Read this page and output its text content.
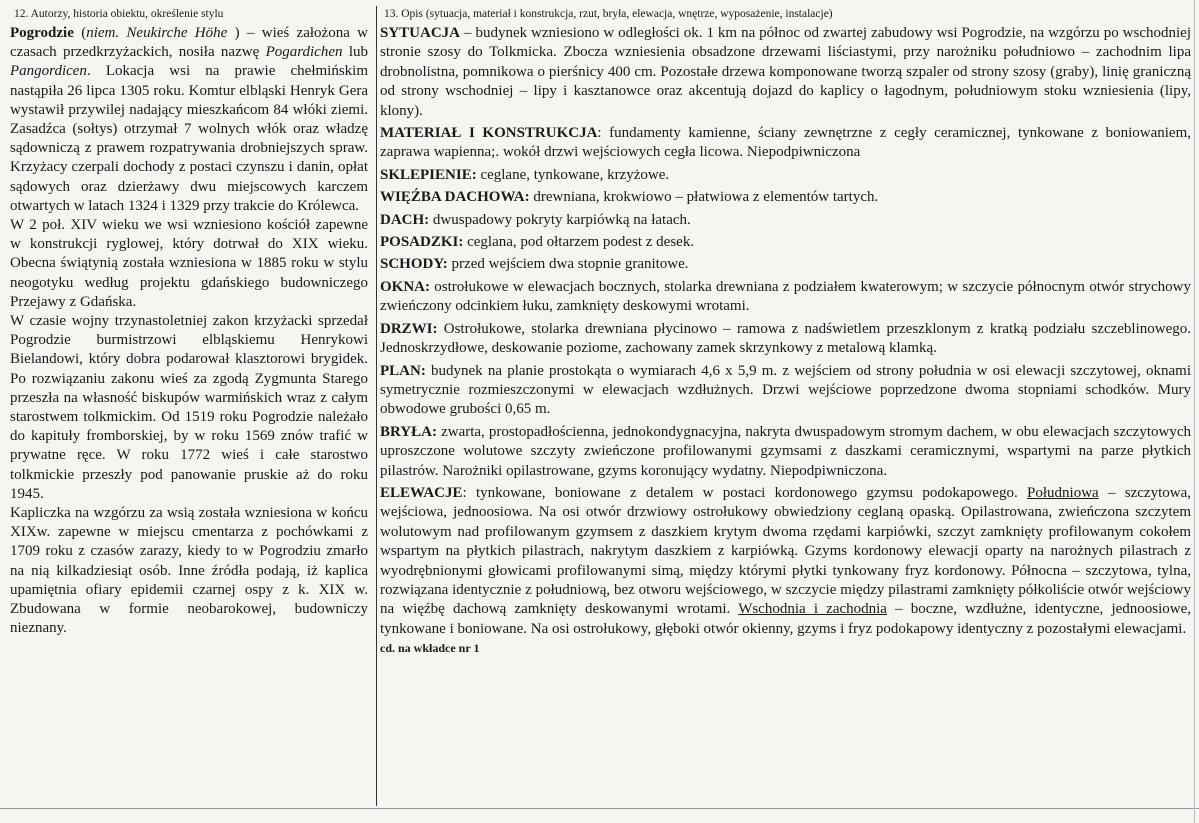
12. Autorzy, historia obiektu, określenie stylu

Pogrodzie (niem. Neukirche Höhe ) – wieś założona w czasach przedkrzyżackich, nosiła nazwę Pogardichen lub Pangordicen. Lokacja wsi na prawie chełmińskim nastąpiła 26 lipca 1305 roku. Komtur elbląski Henryk Gera wystawił przywilej nadający mieszkańcom 84 włóki ziemi. Zasadźca (sołtys) otrzymał 7 wolnych włók oraz władzę sądowniczą z prawem rozpatrywania drobniejszych spraw. Krzyżacy czerpali dochody z postaci czynszu i danin, opłat sądowych oraz dzierżawy dwu miejscowych karczem otwartych w latach 1324 i 1329 przy trakcie do Królewca.

W 2 poł. XIV wieku we wsi wzniesiono kościół zapewne w konstrukcji ryglowej, który dotrwał do XIX wieku. Obecna świątynią została wzniesiona w 1885 roku w stylu neogotyku według projektu gdańskiego budowniczego Przejawy z Gdańska.

W czasie wojny trzynastoletniej zakon krzyżacki sprzedał Pogrodzie burmistrzowi elbląskiemu Henrykowi Bielandowi, który dobra podarował klasztorowi brygidek. Po rozwiązaniu zakonu wieś za zgodą Zygmunta Starego przeszła na własność biskupów warmińskich wraz z całym starostwem tolkmickim. Od 1519 roku Pogrodzie należało do kapituły fromborskiej, by w roku 1569 znów trafić w prywatne ręce. W roku 1772 wieś i całe starostwo tolkmickie przeszły pod panowanie pruskie aż do roku 1945.

Kapliczka na wzgórzu za wsią została wzniesiona w końcu XIXw. zapewne w miejscu cmentarza z pochówkami z 1709 roku z czasów zarazy, kiedy to w Pogrodziu zmarło na nią kilkadziesiąt osób. Inne źródła podają, iż kaplica upamiętnia ofiary epidemii czarnej ospy z k. XIX w. Zbudowana w formie neobarokowej, budowniczy nieznany.

13. Opis (sytuacja, materiał i konstrukcja, rzut, bryła, elewacja, wnętrze, wyposażenie, instalacje)

SYTUACJA – budynek wzniesiono w odległości ok. 1 km na północ od zwartej zabudowy wsi Pogrodzie, na wzgórzu po wschodniej stronie szosy do Tolkmicka. Zbocza wzniesienia obsadzone drzewami liściastymi, przy narożniku południowo – zachodnim lipa drobnolistna, pomnikowa o pierśnicy 400 cm. Pozostałe drzewa komponowane tworzą szpaler od strony szosy (graby), linię graniczną od strony wschodniej – lipy i kasztanowce oraz akcentują dojazd do kaplicy o łagodnym, południowym stoku wzniesienia (lipy, klony).

MATERIAŁ I KONSTRUKCJA: fundamenty kamienne, ściany zewnętrzne z cegły ceramicznej, tynkowane z boniowaniem, zaprawa wapienna;. wokół drzwi wejściowych cegła licowa. Niepodpiwniczona

SKLEPIENIE: ceglane, tynkowane, krzyżowe.

WIĘŹBA DACHOWA: drewniana, krokwiowo – płatwiowa z elementów tartych.

DACH: dwuspadowy pokryty karpiówką na łatach.

POSADZKI: ceglana, pod ołtarzem podest z desek.

SCHODY: przed wejściem dwa stopnie granitowe.

OKNA: ostrołukowe w elewacjach bocznych, stolarka drewniana z podziałem kwaterowym; w szczycie północnym otwór strychowy zwieńczony odcinkiem łuku, zamknięty deskowymi wrotami.

DRZWI: Ostrołukowe, stolarka drewniana płycinowo – ramowa z nadświetlem przeszklonym z kratką podziału szczeblinowego. Jednoskrzydłowe, deskowanie poziome, zachowany zamek skrzynkowy z metalową klamką.

PLAN: budynek na planie prostokąta o wymiarach 4,6 x 5,9 m. z wejściem od strony południa w osi elewacji szczytowej, oknami symetrycznie rozmieszczonymi w elewacjach wzdłużnych. Drzwi wejściowe poprzedzone dwoma stopniami schodków. Mury obwodowe grubości 0,65 m.

BRYŁA: zwarta, prostopadłościenna, jednokondygnacyjna, nakryta dwuspadowym stromym dachem, w obu elewacjach szczytowych uproszczone wolutowe szczyty zwieńczone profilowanymi gzymsami z daszkami ceramicznymi, wspartymi na parze płytkich pilastrów. Narożniki opilastrowane, gzyms koronujący wydatny. Niepodpiwniczona.

ELEWACJE: tynkowane, boniowane z detalem w postaci kordonowego gzymsu podokapowego. Południowa – szczytowa, wejściowa, jednoosiowa. Na osi otwór drzwiowy ostrołukowy obwiedziony ceglaną opaską. Opilastrowana, zwieńczona szczytem wolutowym nad profilowanym gzymsem z daszkiem krytym dwoma rzędami karpiówki, szczyt zamknięty profilowanym cokołem wspartym na płytkich pilastrach, nakrytym daszkiem z karpiówką. Gzyms kordonowy elewacji oparty na narożnych pilastrach z wyodrębnionymi głowicami profilowanymi simą, między którymi płytki tynkowany fryz kordonowy. Północna – szczytowa, tylna, rozwiązana identycznie z południową, bez otworu wejściowego, w szczycie między pilastrami zamknięty półkoliście otwór wejściowy na więźbę dachową zamknięty deskowanymi wrotami. Wschodnia i zachodnia – boczne, wzdłużne, identyczne, jednoosiowe, tynkowane i boniowane. Na osi ostrołukowy, głęboki otwór okienny, gzyms i fryz podokapowy identyczny z pozostałymi elewacjami.

cd. na wkładce nr 1
